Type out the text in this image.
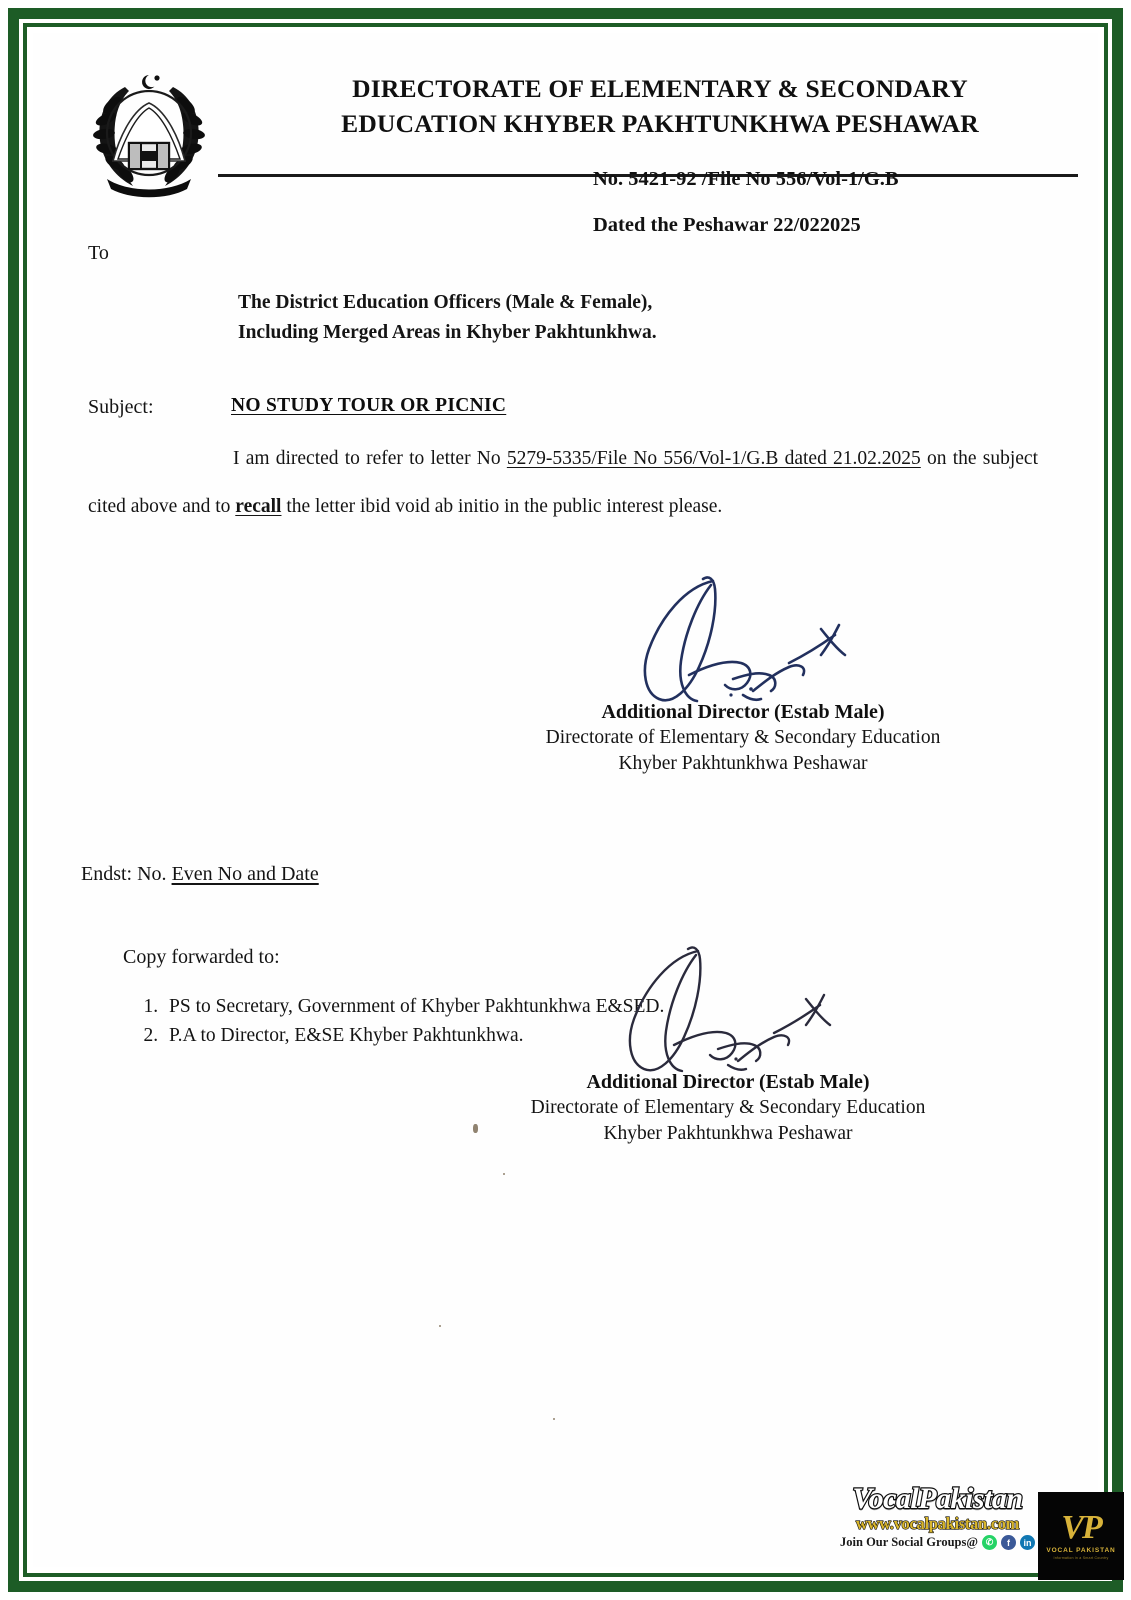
DIRECTORATE OF ELEMENTARY & SECONDARY
EDUCATION KHYBER PAKHTUNKHWA PESHAWAR
No. 5421-92 /File No 556/Vol-1/G.B
Dated the Peshawar 22/022025
To
The District Education Officers (Male & Female),
Including Merged Areas in Khyber Pakhtunkhwa.
Subject:	NO STUDY TOUR OR PICNIC
I am directed to refer to letter No 5279-5335/File No 556/Vol-1/G.B dated 21.02.2025 on the subject cited above and to recall the letter ibid void ab initio in the public interest please.
Additional Director (Estab Male)
Directorate of Elementary & Secondary Education
Khyber Pakhtunkhwa Peshawar
Endst: No. Even No and Date
Copy forwarded to:
1. PS to Secretary, Government of Khyber Pakhtunkhwa E&SED.
2. P.A to Director, E&SE Khyber Pakhtunkhwa.
Additional Director (Estab Male)
Directorate of Elementary & Secondary Education
Khyber Pakhtunkhwa Peshawar
VocalPakistan
www.vocalpakistan.com
Join Our Social Groups@ ✆	f	in VP
VOCAL PAKISTAN
Information in a Smart Country
